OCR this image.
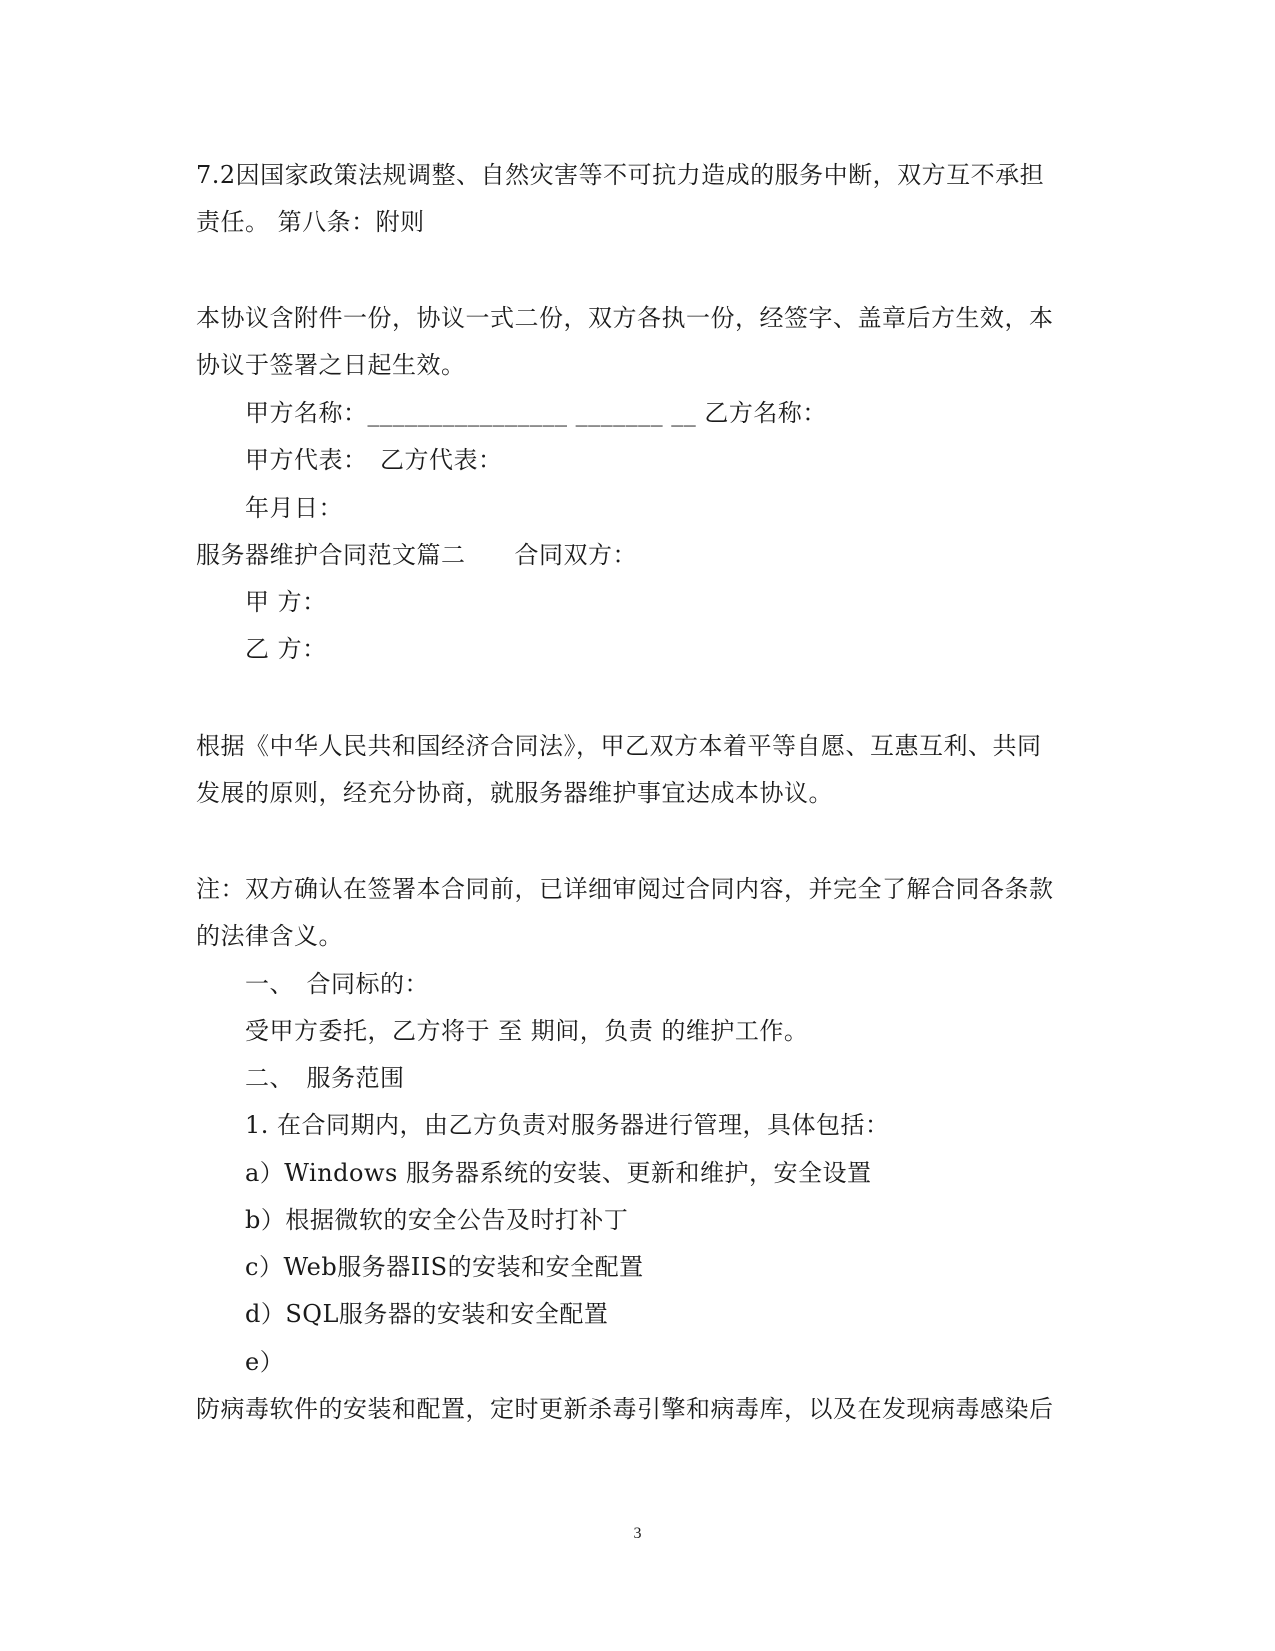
7.2因国家政策法规调整、自然灾害等不可抗力造成的服务中断，双方互不承担
责任。 第八条：附则
本协议含附件一份，协议一式二份，双方各执一份，经签字、盖章后方生效，本
协议于签署之日起生效。
甲方名称：________________ _______ __ 乙方名称：
甲方代表：　乙方代表：
年月日：
服务器维护合同范文篇二　　合同双方：
甲 方：
乙 方：
根据《中华人民共和国经济合同法》，甲乙双方本着平等自愿、互惠互利、共同
发展的原则，经充分协商，就服务器维护事宜达成本协议。
注：双方确认在签署本合同前，已详细审阅过合同内容，并完全了解合同各条款
的法律含义。
一、　合同标的：
受甲方委托，乙方将于 至 期间，负责 的维护工作。
二、　服务范围
1. 在合同期内，由乙方负责对服务器进行管理，具体包括：
a）Windows 服务器系统的安装、更新和维护，安全设置
b）根据微软的安全公告及时打补丁
c）Web服务器IIS的安装和安全配置
d）SQL服务器的安装和安全配置
e）
防病毒软件的安装和配置，定时更新杀毒引擎和病毒库，以及在发现病毒感染后
3
